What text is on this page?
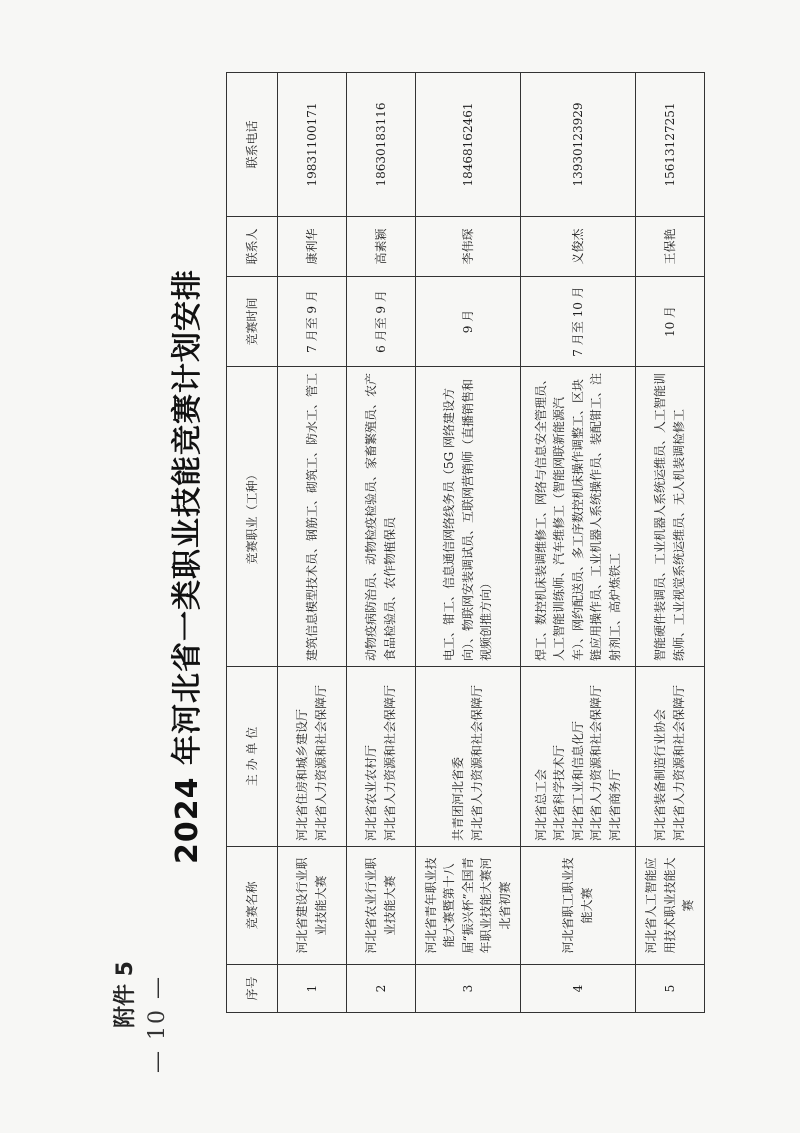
— 10 —
附件 5
2024 年河北省一类职业技能竞赛计划安排
序号	竞赛名称	主 办 单 位	竞赛职业（工种）	竞赛时间	联系人	联系电话
1	河北省建设行业职业技能大赛	河北省住房和城乡建设厅 河北省人力资源和社会保障厅	建筑信息模型技术员、钢筋工、砌筑工、防水工、管工	7 月至 9 月	康利华	19831100171
2	河北省农业行业职业技能大赛	河北省农业农村厅 河北省人力资源和社会保障厅	动物疫病防治员、动物检疫检验员、家畜繁殖员、农产食品检验员、农作物植保员	6 月至 9 月	高素颖	18630183116
3	河北省青年职业技能大赛暨第十八届“振兴杯”全国青年职业技能大赛河北省初赛	共青团河北省委 河北省人力资源和社会保障厅	电工、钳工、信息通信网络线务员（5G 网络建设方向）、物联网安装调试员、互联网营销师（直播销售和视频创推方向）	9 月	李伟琛	18468162461
4	河北省职工职业技能大赛	河北省总工会 河北省科学技术厅 河北省工业和信息化厅 河北省人力资源和社会保障厅 河北省商务厅	焊工、数控机床装调维修工、网络与信息安全管理员、人工智能训练师、汽车维修工（智能网联新能源汽车）、网约配送员、多工序数控机床操作调整工、区块链应用操作员、工业机器人系统操作员、装配钳工、注射剂工、高炉炼铁工	7 月至 10 月	义俊杰	13930123929
5	河北省人工智能应用技术职业技能大赛	河北省装备制造行业协会 河北省人力资源和社会保障厅	智能硬件装调员、工业机器人系统运维员、人工智能训练师、工业视觉系统运维员、无人机装调检修工	10 月	王保艳	15613127251
